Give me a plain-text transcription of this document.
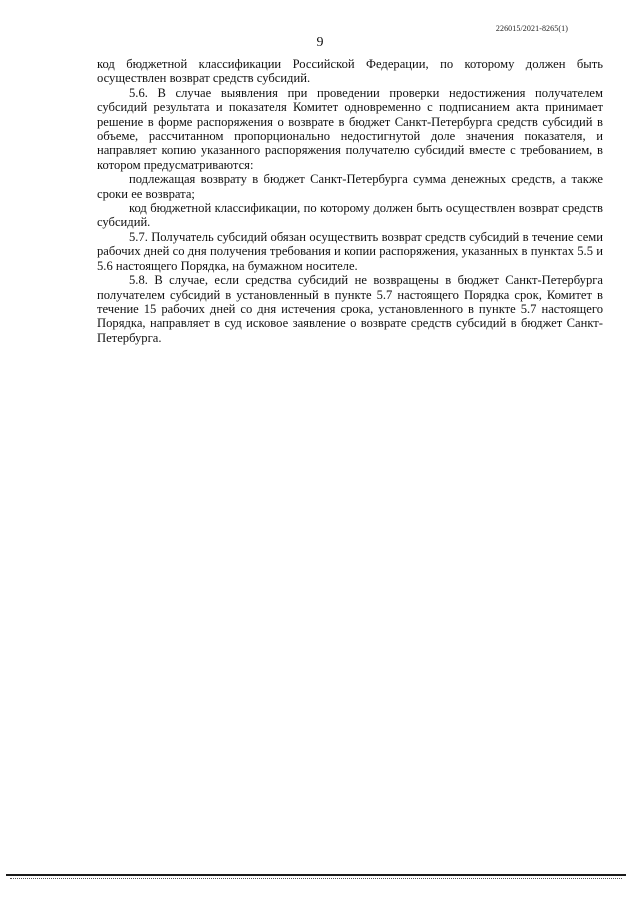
226015/2021-8265(1)
9

код бюджетной классификации Российской Федерации, по которому должен быть осуществлен возврат средств субсидий.

5.6. В случае выявления при проведении проверки недостижения получателем субсидий результата и показателя Комитет одновременно с подписанием акта принимает решение в форме распоряжения о возврате в бюджет Санкт-Петербурга средств субсидий в объеме, рассчитанном пропорционально недостигнутой доле значения показателя, и направляет копию указанного распоряжения получателю субсидий вместе с требованием, в котором предусматриваются:

подлежащая возврату в бюджет Санкт-Петербурга сумма денежных средств, а также сроки ее возврата;

код бюджетной классификации, по которому должен быть осуществлен возврат средств субсидий.

5.7. Получатель субсидий обязан осуществить возврат средств субсидий в течение семи рабочих дней со дня получения требования и копии распоряжения, указанных в пунктах 5.5 и 5.6 настоящего Порядка, на бумажном носителе.

5.8. В случае, если средства субсидий не возвращены в бюджет Санкт-Петербурга получателем субсидий в установленный в пункте 5.7 настоящего Порядка срок, Комитет в течение 15 рабочих дней со дня истечения срока, установленного в пункте 5.7 настоящего Порядка, направляет в суд исковое заявление о возврате средств субсидий в бюджет Санкт-Петербурга.
